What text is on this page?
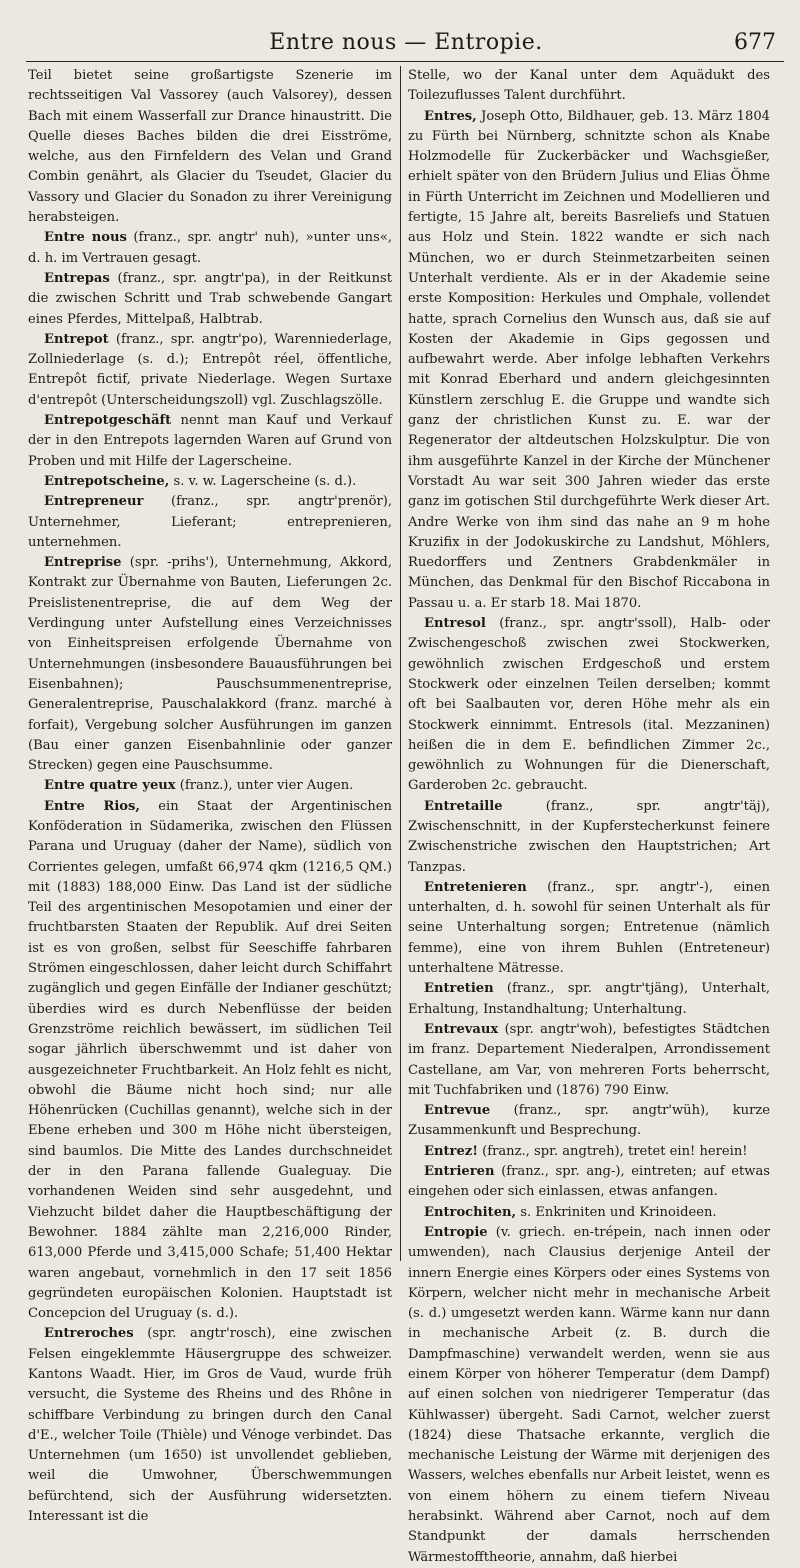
Entre nous — Entropie.	677

Teil bietet seine großartigste Szenerie im rechtsseitigen Val Vassorey (auch Valsorey), dessen Bach mit einem Wasserfall zur Drance hinaustritt. Die Quelle dieses Baches bilden die drei Eisströme, welche, aus den Firnfeldern des Velan und Grand Combin genährt, als Glacier du Tseudet, Glacier du Vassory und Glacier du Sonadon zu ihrer Vereinigung herabsteigen.

Entre nous (franz., spr. angtr' nuh), »unter uns«, d. h. im Vertrauen gesagt.

Entrepas (franz., spr. angtr'pa), in der Reitkunst die zwischen Schritt und Trab schwebende Gangart eines Pferdes, Mittelpaß, Halbtrab.

Entrepot (franz., spr. angtr'po), Warenniederlage, Zollniederlage (s. d.); Entrepôt réel, öffentliche, Entrepôt fictif, private Niederlage. Wegen Surtaxe d'entrepôt (Unterscheidungszoll) vgl. Zuschlagszölle.

Entrepotgeschäft nennt man Kauf und Verkauf der in den Entrepots lagernden Waren auf Grund von Proben und mit Hilfe der Lagerscheine.

Entrepotscheine, s. v. w. Lagerscheine (s. d.).

Entrepreneur (franz., spr. angtr'prenör), Unternehmer, Lieferant; entreprenieren, unternehmen.

Entreprise (spr. -prihs'), Unternehmung, Akkord, Kontrakt zur Übernahme von Bauten, Lieferungen 2c. Preislistenentreprise, die auf dem Weg der Verdingung unter Aufstellung eines Verzeichnisses von Einheitspreisen erfolgende Übernahme von Unternehmungen (insbesondere Bauausführungen bei Eisenbahnen); Pauschsummenentreprise, Generalentreprise, Pauschalakkord (franz. marché à forfait), Vergebung solcher Ausführungen im ganzen (Bau einer ganzen Eisenbahnlinie oder ganzer Strecken) gegen eine Pauschsumme.

Entre quatre yeux (franz.), unter vier Augen.

Entre Rios, ein Staat der Argentinischen Konföderation in Südamerika, zwischen den Flüssen Parana und Uruguay (daher der Name), südlich von Corrientes gelegen, umfaßt 66,974 qkm (1216,5 QM.) mit (1883) 188,000 Einw. Das Land ist der südliche Teil des argentinischen Mesopotamien und einer der fruchtbarsten Staaten der Republik. Auf drei Seiten ist es von großen, selbst für Seeschiffe fahrbaren Strömen eingeschlossen, daher leicht durch Schiffahrt zugänglich und gegen Einfälle der Indianer geschützt; überdies wird es durch Nebenflüsse der beiden Grenzströme reichlich bewässert, im südlichen Teil sogar jährlich überschwemmt und ist daher von ausgezeichneter Fruchtbarkeit. An Holz fehlt es nicht, obwohl die Bäume nicht hoch sind; nur alle Höhenrücken (Cuchillas genannt), welche sich in der Ebene erheben und 300 m Höhe nicht übersteigen, sind baumlos. Die Mitte des Landes durchschneidet der in den Parana fallende Gualeguay. Die vorhandenen Weiden sind sehr ausgedehnt, und Viehzucht bildet daher die Hauptbeschäftigung der Bewohner. 1884 zählte man 2,216,000 Rinder, 613,000 Pferde und 3,415,000 Schafe; 51,400 Hektar waren angebaut, vornehmlich in den 17 seit 1856 gegründeten europäischen Kolonien. Hauptstadt ist Concepcion del Uruguay (s. d.).

Entreroches (spr. angtr'rosch), eine zwischen Felsen eingeklemmte Häusergruppe des schweizer. Kantons Waadt. Hier, im Gros de Vaud, wurde früh versucht, die Systeme des Rheins und des Rhône in schiffbare Verbindung zu bringen durch den Canal d'E., welcher Toile (Thièle) und Vénoge verbindet. Das Unternehmen (um 1650) ist unvollendet geblieben, weil die Umwohner, Überschwemmungen befürchtend, sich der Ausführung widersetzten. Interessant ist die

Stelle, wo der Kanal unter dem Aquädukt des Toilezuflusses Talent durchführt.

Entres, Joseph Otto, Bildhauer, geb. 13. März 1804 zu Fürth bei Nürnberg, schnitzte schon als Knabe Holzmodelle für Zuckerbäcker und Wachsgießer, erhielt später von den Brüdern Julius und Elias Öhme in Fürth Unterricht im Zeichnen und Modellieren und fertigte, 15 Jahre alt, bereits Basreliefs und Statuen aus Holz und Stein. 1822 wandte er sich nach München, wo er durch Steinmetzarbeiten seinen Unterhalt verdiente. Als er in der Akademie seine erste Komposition: Herkules und Omphale, vollendet hatte, sprach Cornelius den Wunsch aus, daß sie auf Kosten der Akademie in Gips gegossen und aufbewahrt werde. Aber infolge lebhaften Verkehrs mit Konrad Eberhard und andern gleichgesinnten Künstlern zerschlug E. die Gruppe und wandte sich ganz der christlichen Kunst zu. E. war der Regenerator der altdeutschen Holzskulptur. Die von ihm ausgeführte Kanzel in der Kirche der Münchener Vorstadt Au war seit 300 Jahren wieder das erste ganz im gotischen Stil durchgeführte Werk dieser Art. Andre Werke von ihm sind das nahe an 9 m hohe Kruzifix in der Jodokuskirche zu Landshut, Möhlers, Ruedorffers und Zentners Grabdenkmäler in München, das Denkmal für den Bischof Riccabona in Passau u. a. Er starb 18. Mai 1870.

Entresol (franz., spr. angtr'ssoll), Halb- oder Zwischengeschoß zwischen zwei Stockwerken, gewöhnlich zwischen Erdgeschoß und erstem Stockwerk oder einzelnen Teilen derselben; kommt oft bei Saalbauten vor, deren Höhe mehr als ein Stockwerk einnimmt. Entresols (ital. Mezzaninen) heißen die in dem E. befindlichen Zimmer 2c., gewöhnlich zu Wohnungen für die Dienerschaft, Garderoben 2c. gebraucht.

Entretaille	(franz., spr. angtr'täj), Zwischenschnitt, in der Kupferstecherkunst feinere Zwischenstriche zwischen den Hauptstrichen; Art Tanzpas.

Entretenieren (franz., spr. angtr'-), einen unterhalten, d. h. sowohl für seinen Unterhalt als für seine Unterhaltung sorgen; Entretenue (nämlich femme), eine von ihrem Buhlen (Entreteneur) unterhaltene Mätresse.

Entretien (franz., spr. angtr'tjäng), Unterhalt, Erhaltung, Instandhaltung; Unterhaltung.

Entrevaux (spr. angtr'woh), befestigtes Städtchen im franz. Departement Niederalpen, Arrondissement Castellane, am Var, von mehreren Forts beherrscht, mit Tuchfabriken und (1876) 790 Einw.

Entrevue (franz., spr. angtr'wüh), kurze Zusammenkunft und Besprechung.

Entrez! (franz., spr. angtreh), tretet ein! herein!

Entrieren (franz., spr. ang-), eintreten; auf etwas eingehen oder sich einlassen, etwas anfangen.

Entrochiten, s. Enkriniten und Krinoideen.

Entropie (v. griech. en-trépein, nach innen oder umwenden), nach Clausius derjenige Anteil der innern Energie eines Körpers oder eines Systems von Körpern, welcher nicht mehr in mechanische Arbeit (s. d.) umgesetzt werden kann. Wärme kann nur dann in mechanische Arbeit (z. B. durch die Dampfmaschine) verwandelt werden, wenn sie aus einem Körper von höherer Temperatur (dem Dampf) auf einen solchen von niedrigerer Temperatur (das Kühlwasser) übergeht. Sadi Carnot, welcher zuerst (1824) diese Thatsache erkannte, verglich die mechanische Leistung der Wärme mit derjenigen des Wassers, welches ebenfalls nur Arbeit leistet, wenn es von einem höhern zu einem tiefern Niveau herabsinkt. Während aber Carnot, noch auf dem Standpunkt der damals herrschenden Wärmestofftheorie, annahm, daß hierbei
